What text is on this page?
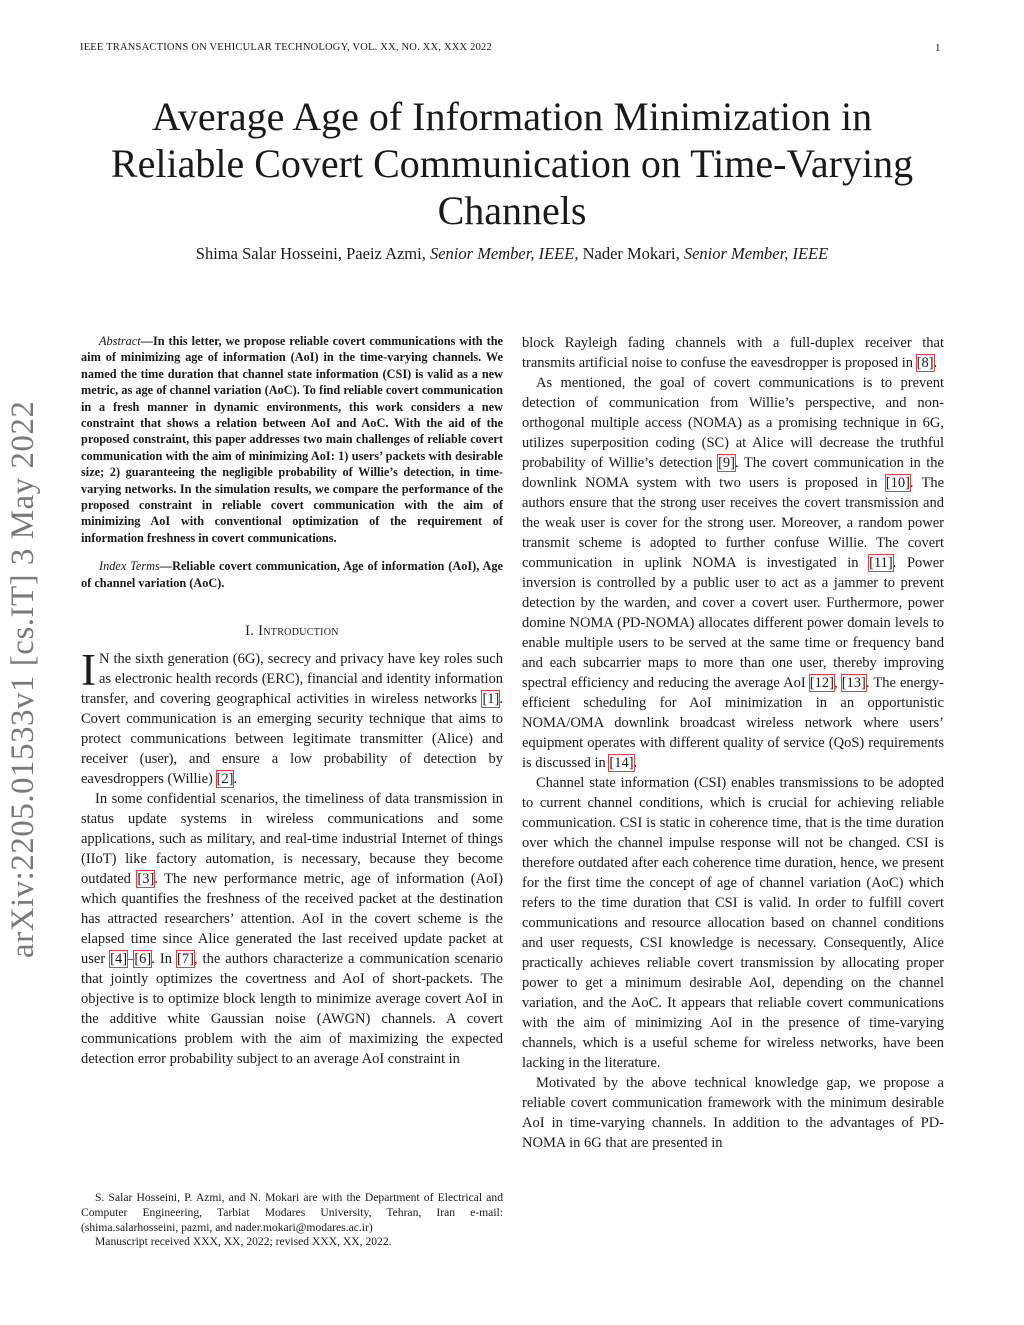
IEEE TRANSACTIONS ON VEHICULAR TECHNOLOGY, VOL. XX, NO. XX, XXX 2022	1
Average Age of Information Minimization in
Reliable Covert Communication on Time-Varying
Channels
Shima Salar Hosseini, Paeiz Azmi, Senior Member, IEEE, Nader Mokari, Senior Member, IEEE
arXiv:2205.01533v1 [cs.IT] 3 May 2022

Abstract—In this letter, we propose reliable covert communications with the aim of minimizing age of information (AoI) in the time-varying channels. We named the time duration that channel state information (CSI) is valid as a new metric, as age of channel variation (AoC). To find reliable covert communication in a fresh manner in dynamic environments, this work considers a new constraint that shows a relation between AoI and AoC. With the aid of the proposed constraint, this paper addresses two main challenges of reliable covert communication with the aim of minimizing AoI: 1) users’ packets with desirable size; 2) guaranteeing the negligible probability of Willie’s detection, in time-varying networks. In the simulation results, we compare the performance of the proposed constraint in reliable covert communication with the aim of minimizing AoI with conventional optimization of the requirement of information freshness in covert communications.

Index Terms—Reliable covert communication, Age of information (AoI), Age of channel variation (AoC).

I. Introduction

I N the sixth generation (6G), secrecy and privacy have key roles such as electronic health records (ERC), financial and identity information transfer, and covering geographical activities in wireless networks [1]. Covert communication is an emerging security technique that aims to protect communications between legitimate transmitter (Alice) and receiver (user), and ensure a low probability of detection by eavesdroppers (Willie) [2].

In some confidential scenarios, the timeliness of data transmission in status update systems in wireless communications and some applications, such as military, and real-time industrial Internet of things (IIoT) like factory automation, is necessary, because they become outdated [3]. The new performance metric, age of information (AoI) which quantifies the freshness of the received packet at the destination has attracted researchers’ attention. AoI in the covert scheme is the elapsed time since Alice generated the last received update packet at user [4]–[6]. In [7], the authors characterize a communication scenario that jointly optimizes the covertness and AoI of short-packets. The objective is to optimize block length to minimize average covert AoI in the additive white Gaussian noise (AWGN) channels. A covert communications problem with the aim of maximizing the expected detection error probability subject to an average AoI constraint in

S. Salar Hosseini, P. Azmi, and N. Mokari are with the Department of Electrical and Computer Engineering, Tarbiat Modares University, Tehran, Iran e-mail: (shima.salarhosseini, pazmi, and nader.mokari@modares.ac.ir)

Manuscript received XXX, XX, 2022; revised XXX, XX, 2022.

block Rayleigh fading channels with a full-duplex receiver that transmits artificial noise to confuse the eavesdropper is proposed in [8].

As mentioned, the goal of covert communications is to prevent detection of communication from Willie’s perspective, and non-orthogonal multiple access (NOMA) as a promising technique in 6G, utilizes superposition coding (SC) at Alice will decrease the truthful probability of Willie’s detection [9]. The covert communication in the downlink NOMA system with two users is proposed in [10]. The authors ensure that the strong user receives the covert transmission and the weak user is cover for the strong user. Moreover, a random power transmit scheme is adopted to further confuse Willie. The covert communication in uplink NOMA is investigated in [11]. Power inversion is controlled by a public user to act as a jammer to prevent detection by the warden, and cover a covert user. Furthermore, power domine NOMA (PD-NOMA) allocates different power domain levels to enable multiple users to be served at the same time or frequency band and each subcarrier maps to more than one user, thereby improving spectral efficiency and reducing the average AoI [12], [13]. The energy-efficient scheduling for AoI minimization in an opportunistic NOMA/OMA downlink broadcast wireless network where users’ equipment operates with different quality of service (QoS) requirements is discussed in [14].

Channel state information (CSI) enables transmissions to be adopted to current channel conditions, which is crucial for achieving reliable communication. CSI is static in coherence time, that is the time duration over which the channel impulse response will not be changed. CSI is therefore outdated after each coherence time duration, hence, we present for the first time the concept of age of channel variation (AoC) which refers to the time duration that CSI is valid. In order to fulfill covert communications and resource allocation based on channel conditions and user requests, CSI knowledge is necessary. Consequently, Alice practically achieves reliable covert transmission by allocating proper power to get a minimum desirable AoI, depending on the channel variation, and the AoC. It appears that reliable covert communications with the aim of minimizing AoI in the presence of time-varying channels, which is a useful scheme for wireless networks, have been lacking in the literature.

Motivated by the above technical knowledge gap, we propose a reliable covert communication framework with the minimum desirable AoI in time-varying channels. In addition to the advantages of PD-NOMA in 6G that are presented in
